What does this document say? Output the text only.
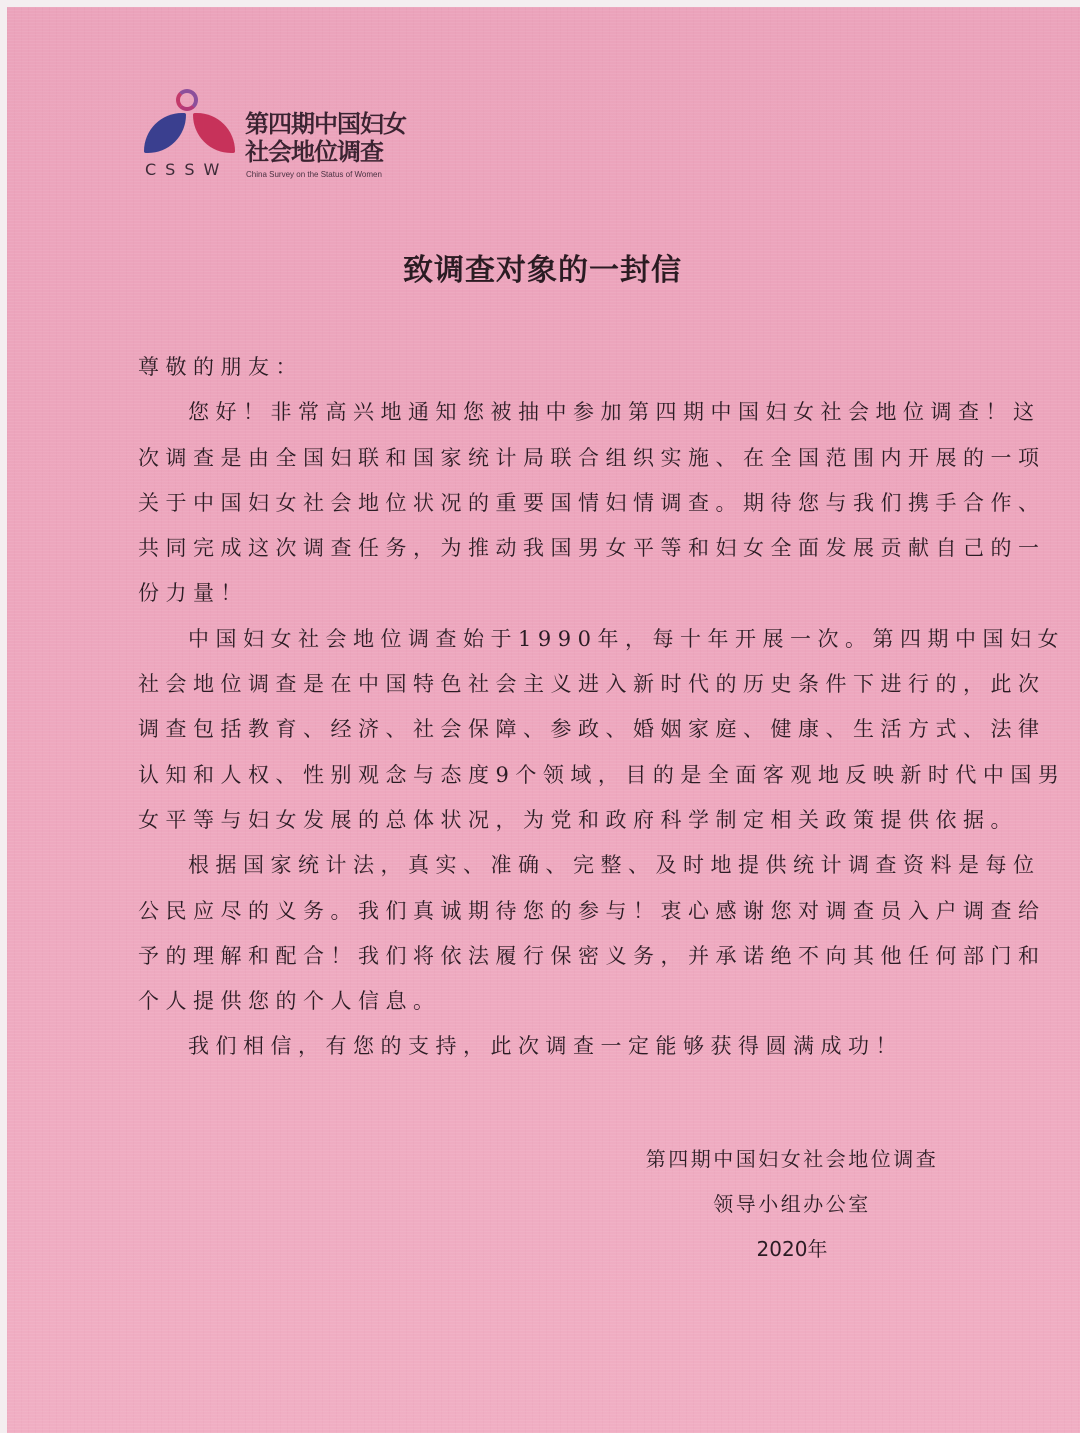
CSSW
第四期中国妇女
社会地位调查
China Survey on the Status of Women
致调查对象的一封信
尊敬的朋友：
您好！非常高兴地通知您被抽中参加第四期中国妇女社会地位调查！这
次调查是由全国妇联和国家统计局联合组织实施、在全国范围内开展的一项
关于中国妇女社会地位状况的重要国情妇情调查。期待您与我们携手合作、
共同完成这次调查任务，为推动我国男女平等和妇女全面发展贡献自己的一
份力量！
中国妇女社会地位调查始于1990年，每十年开展一次。第四期中国妇女
社会地位调查是在中国特色社会主义进入新时代的历史条件下进行的，此次
调查包括教育、经济、社会保障、参政、婚姻家庭、健康、生活方式、法律
认知和人权、性别观念与态度9个领域，目的是全面客观地反映新时代中国男
女平等与妇女发展的总体状况，为党和政府科学制定相关政策提供依据。
根据国家统计法，真实、准确、完整、及时地提供统计调查资料是每位
公民应尽的义务。我们真诚期待您的参与！衷心感谢您对调查员入户调查给
予的理解和配合！我们将依法履行保密义务，并承诺绝不向其他任何部门和
个人提供您的个人信息。
我们相信，有您的支持，此次调查一定能够获得圆满成功！
第四期中国妇女社会地位调查
领导小组办公室
2020年
